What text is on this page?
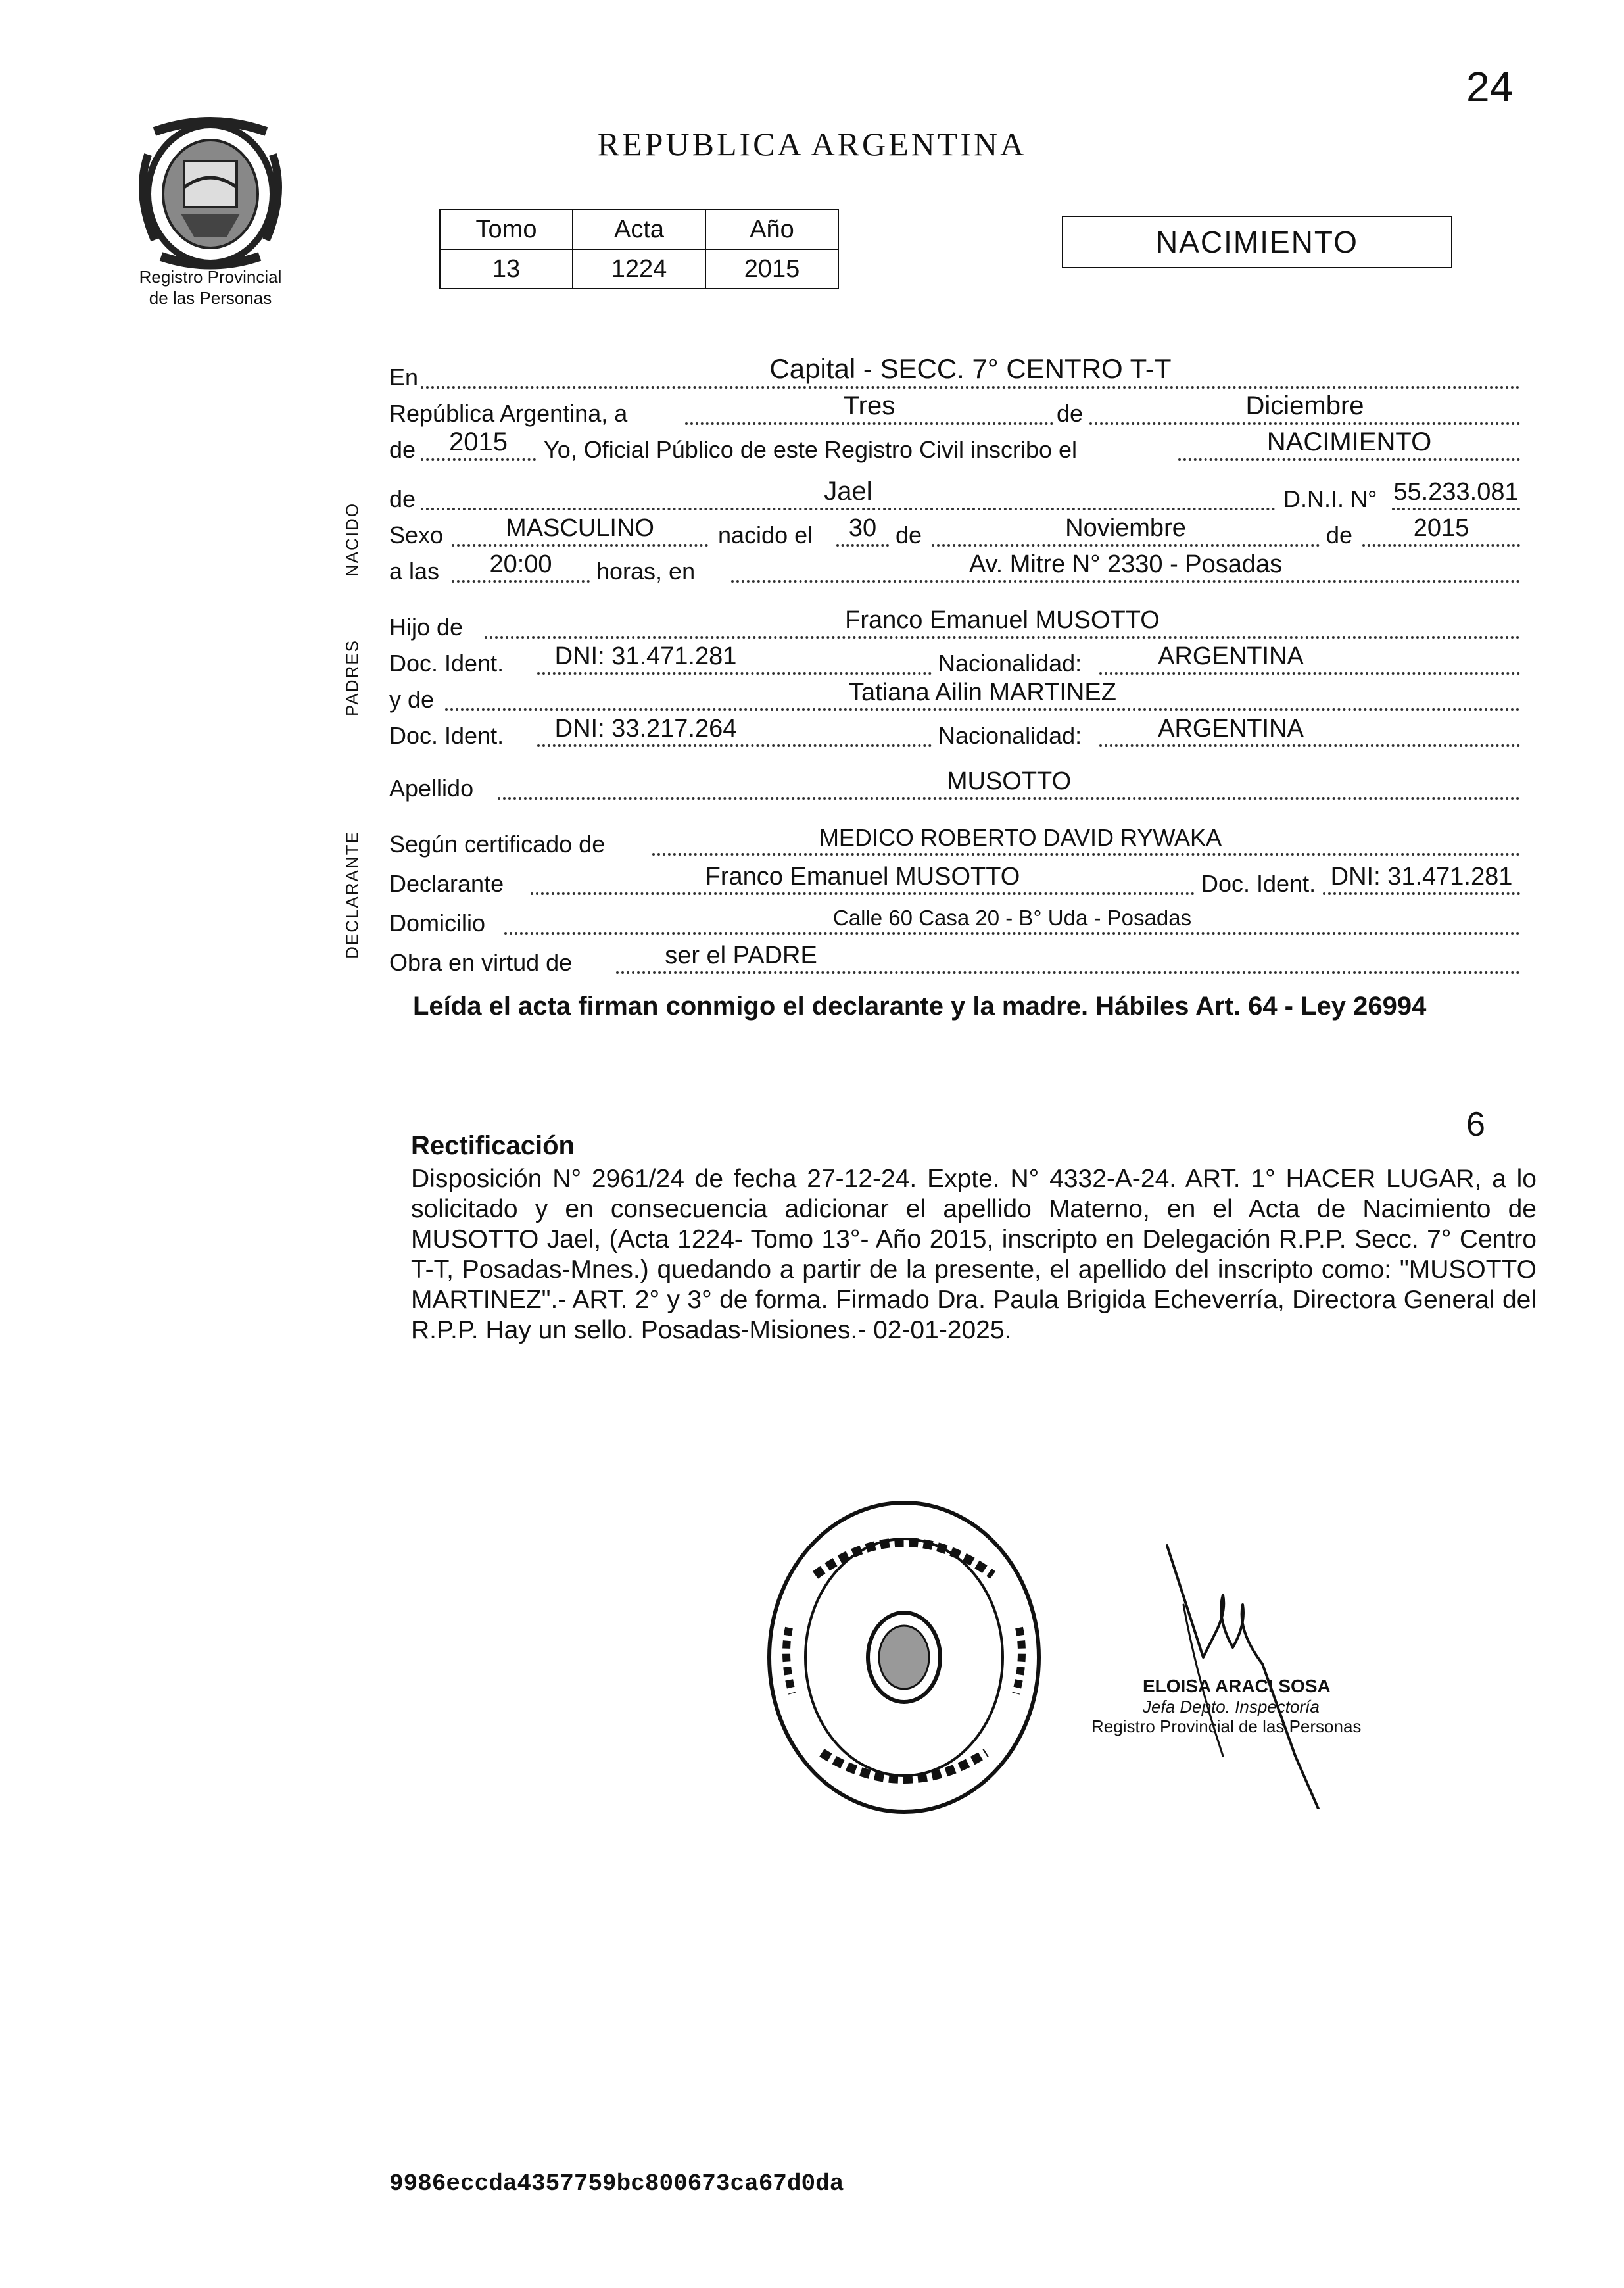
24
REPUBLICA ARGENTINA
Registro Provincial
de las Personas
Tomo	Acta	Año
13	1224	2015
NACIMIENTO
NACIDO
PADRES
DECLARANTE
En	Capital - SECC. 7° CENTRO T-T
República Argentina, a	Tres	de	Diciembre
de	2015	Yo, Oficial Público de este Registro Civil inscribo el	NACIMIENTO
de	Jael	D.N.I. N° 55.233.081
Sexo	MASCULINO	nacido el	30 de	Noviembre	de	2015
a las	20:00	horas, en	Av. Mitre N° 2330 - Posadas
Hijo de	Franco Emanuel MUSOTTO
Doc. Ident.	DNI: 31.471.281	Nacionalidad:	ARGENTINA
y de	Tatiana Ailin MARTINEZ
Doc. Ident.	DNI: 33.217.264	Nacionalidad:	ARGENTINA
Apellido	MUSOTTO
Según certificado de	MEDICO ROBERTO DAVID RYWAKA
Declarante	Franco Emanuel MUSOTTO	Doc. Ident. DNI: 31.471.281
Domicilio	Calle 60 Casa 20 - B° Uda - Posadas
Obra en virtud de	ser el PADRE
Leída el acta firman conmigo el declarante y la madre. Hábiles Art. 64 - Ley 26994
6
Rectificación
Disposición N° 2961/24 de fecha 27-12-24. Expte. N° 4332-A-24. ART. 1° HACER LUGAR, a lo solicitado y en consecuencia adicionar el apellido Materno, en el Acta de Nacimiento de MUSOTTO Jael, (Acta 1224- Tomo 13°- Año 2015, inscripto en Delegación R.P.P. Secc. 7° Centro T-T, Posadas-Mnes.) quedando a partir de la presente, el apellido del inscripto como: "MUSOTTO MARTINEZ".- ART. 2° y 3° de forma. Firmado Dra. Paula Brigida Echeverría, Directora General del R.P.P. Hay un sello. Posadas-Misiones.- 02-01-2025.
ELOISA ARACI SOSA
Jefa Depto. Inspectoría
Registro Provincial de las Personas
9986eccda4357759bc800673ca67d0da
